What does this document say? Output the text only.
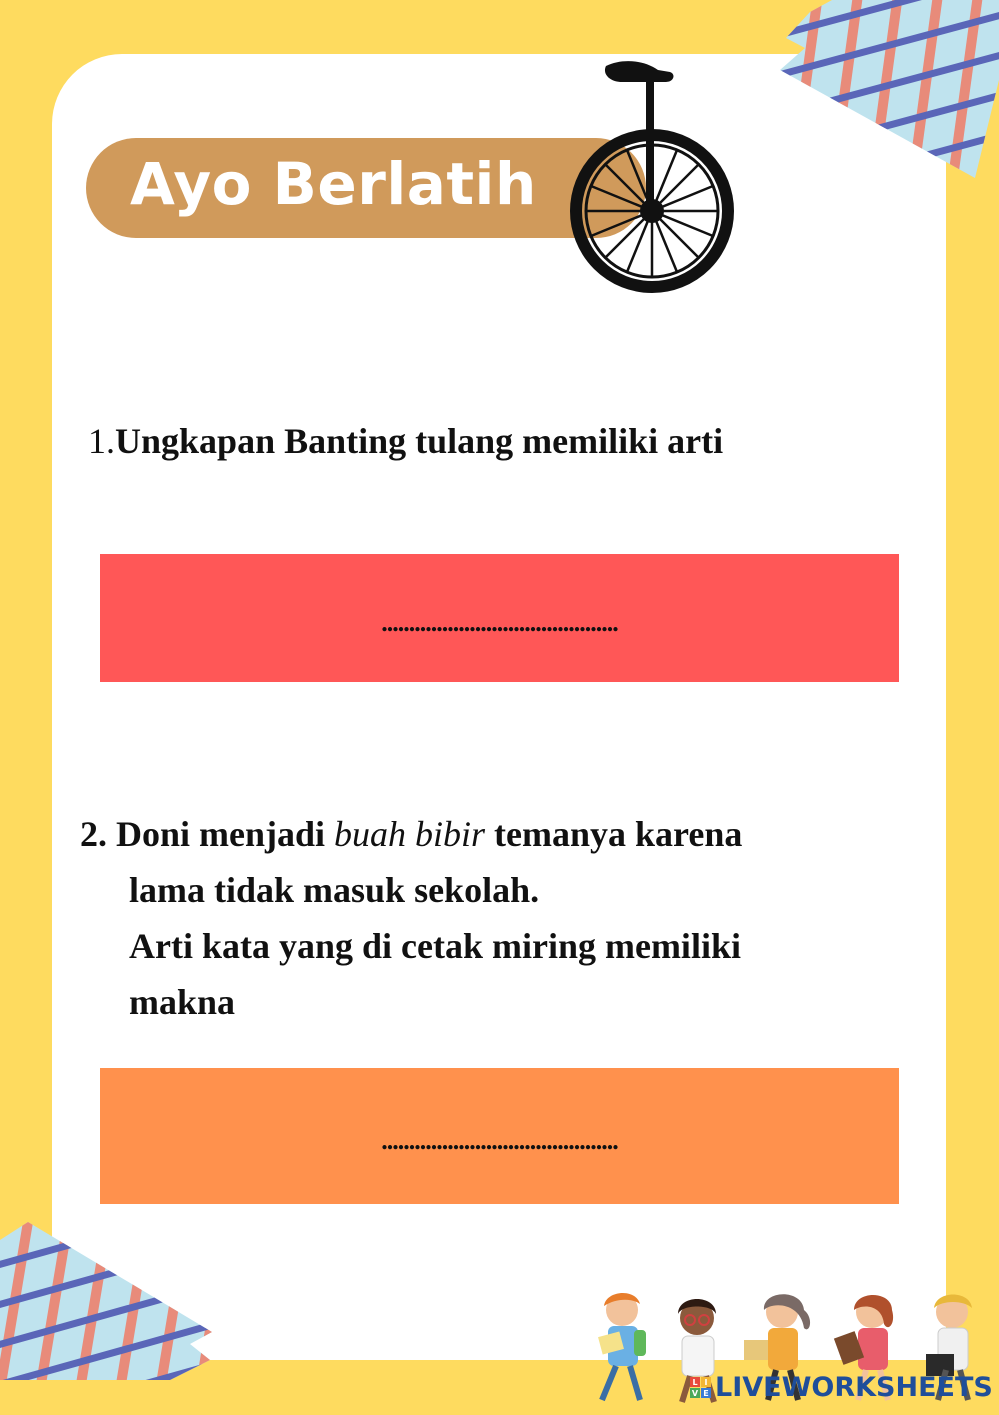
Ayo Berlatih
1.Ungkapan Banting tulang memiliki arti
...........................................
2. Doni menjadi buah bibir temanya karena
lama tidak masuk sekolah.
Arti kata yang di cetak miring memiliki
makna
...........................................
L I
V E LIVEWORKSHEETS
